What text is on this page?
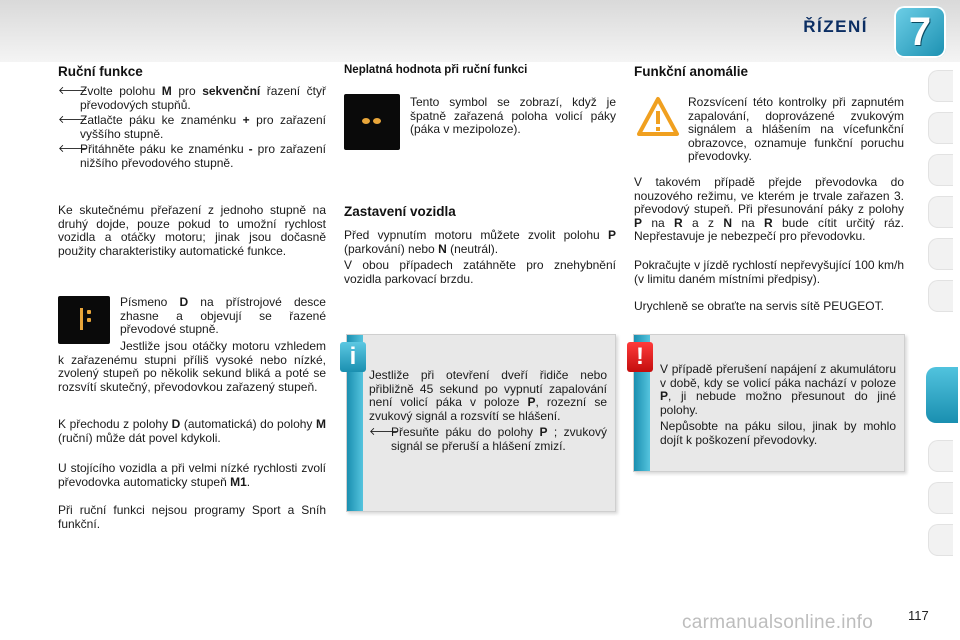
ŘÍZENÍ 7
Ruční funkce
🡐
Zvolte polohu M pro sekvenční řazení čtyř převodových stupňů.
🡐
Zatlačte páku ke znaménku + pro zařazení vyššího stupně.
🡐
Přitáhněte páku ke znaménku - pro zařazení nižšího převodového stupně.

Ke skutečnému přeřazení z jednoho stupně na druhý dojde, pouze pokud to umožní rychlost vozidla a otáčky motoru; jinak jsou dočasně použity charakteristiky automatické funkce.

Písmeno D na přístrojové desce zhasne a objevují se řazené převodové stupně.

Jestliže jsou otáčky motoru vzhledem k zařazenému stupni příliš vysoké nebo nízké, zvolený stupeň po několik sekund bliká a poté se rozsvítí skutečný, převodovkou zařazený stupeň.

K přechodu z polohy D (automatická) do polohy M (ruční) může dát povel kdykoli.

U stojícího vozidla a při velmi nízké rychlosti zvolí převodovka automaticky stupeň M1.

Při ruční funkci nejsou programy Sport a Sníh funkční.

Neplatná hodnota při ruční funkci

Tento symbol se zobrazí, když je špatně zařazená poloha volicí páky (páka v mezipoloze).

Zastavení vozidla

Před vypnutím motoru můžete zvolit polohu P (parkování) nebo N (neutrál).

V obou případech zatáhněte pro znehybnění vozidla parkovací brzdu.

Jestliže při otevření dveří řidiče nebo přibližně 45 sekund po vypnutí zapalování není volicí páka v poloze P, rozezní se zvukový signál a rozsvítí se hlášení.

🡐
Přesuňte páku do polohy P ; zvukový signál se přeruší a hlášení zmizí.
i
Funkční anomálie

Rozsvícení této kontrolky při zapnutém zapalování, doprovázené zvukovým signálem a hlášením na vícefunkční obrazovce, oznamuje funkční poruchu převodovky.

V takovém případě přejde převodovka do nouzového režimu, ve kterém je trvale zařazen 3. převodový stupeň. Při přesunování páky z polohy P na R a z N na R bude cítit určitý ráz. Nepřestavuje je nebezpečí pro převodovku.

Pokračujte v jízdě rychlostí nepřevyšující 100 km/h (v limitu daném místními předpisy).

Urychleně se obraťte na servis sítě PEUGEOT.

V případě přerušení napájení z akumulátoru v době, kdy se volicí páka nachází v poloze P, ji nebude možno přesunout do jiné polohy.

Nepůsobte na páku silou, jinak by mohlo dojít k poškození převodovky.

!
carmanualsonline.info	117
